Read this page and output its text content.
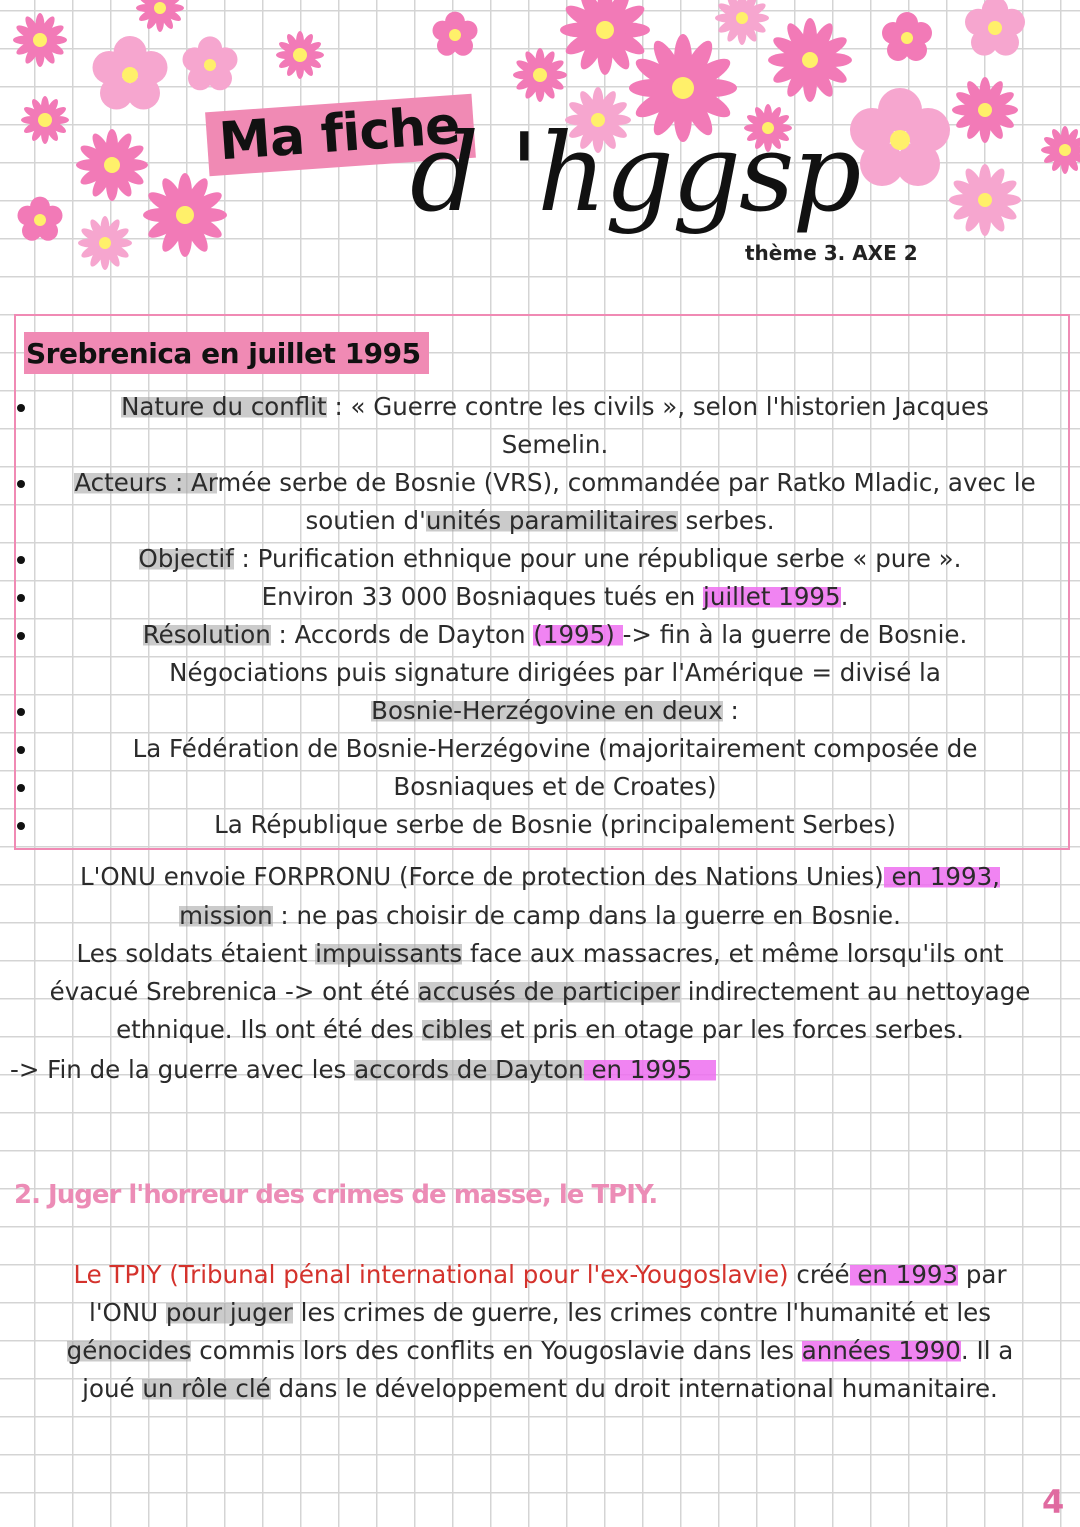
Ma fiche
d 'hggsp
thème 3. AXE 2
Srebrenica en juillet 1995
Nature du conflit : « Guerre contre les civils », selon l'historien Jacques
Semelin.
Acteurs : Armée serbe de Bosnie (VRS), commandée par Ratko Mladic, avec le
soutien d'unités paramilitaires serbes.
Objectif : Purification ethnique pour une république serbe « pure ».
Environ 33 000 Bosniaques tués en juillet 1995.
Résolution : Accords de Dayton (1995) -> fin à la guerre de Bosnie.
Négociations puis signature dirigées par l'Amérique = divisé la
Bosnie-Herzégovine en deux :
La Fédération de Bosnie-Herzégovine (majoritairement composée de
Bosniaques et de Croates)
La République serbe de Bosnie (principalement Serbes)
L'ONU envoie FORPRONU (Force de protection des Nations Unies) en 1993,
mission : ne pas choisir de camp dans la guerre en Bosnie.
Les soldats étaient impuissants face aux massacres, et même lorsqu'ils ont
évacué Srebrenica -> ont été accusés de participer indirectement au nettoyage
ethnique. Ils ont été des cibles et pris en otage par les forces serbes.
-> Fin de la guerre avec les accords de Dayton en 1995
2. Juger l'horreur des crimes de masse, le TPIY.
Le TPIY (Tribunal pénal international pour l'ex-Yougoslavie) créé en 1993 par
l'ONU pour juger les crimes de guerre, les crimes contre l'humanité et les
génocides commis lors des conflits en Yougoslavie dans les années 1990. Il a
joué un rôle clé dans le développement du droit international humanitaire.
4
